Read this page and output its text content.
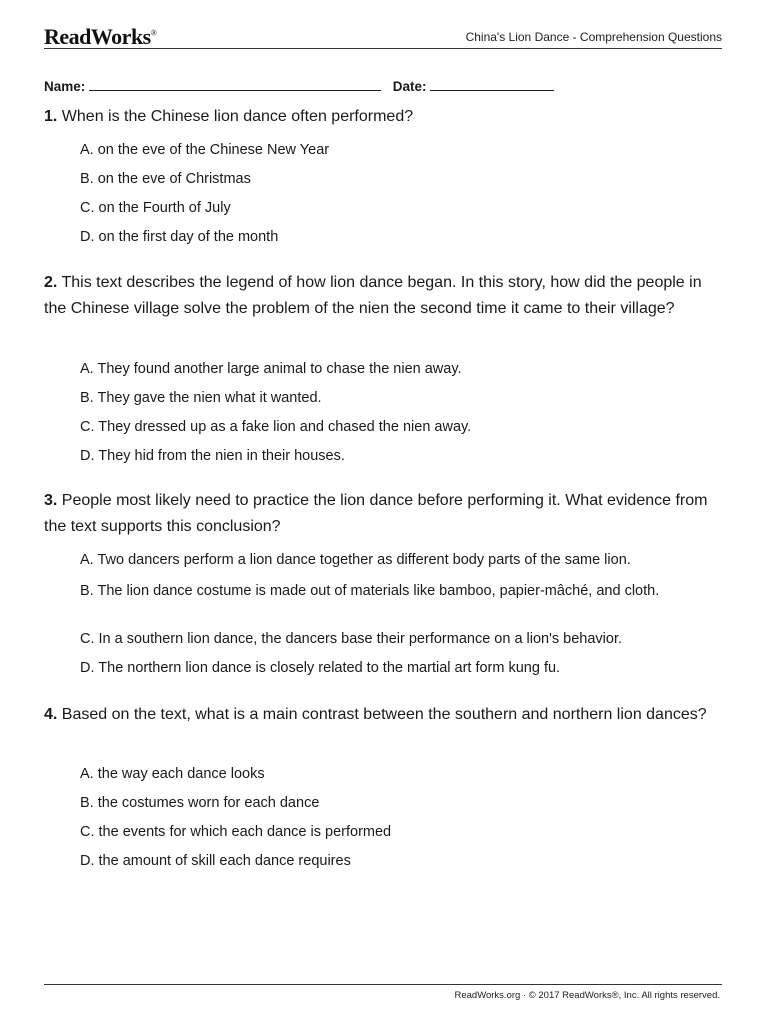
ReadWorks®	China's Lion Dance - Comprehension Questions
Name:	Date:
1. When is the Chinese lion dance often performed?
A. on the eve of the Chinese New Year
B. on the eve of Christmas
C. on the Fourth of July
D. on the first day of the month
2. This text describes the legend of how lion dance began. In this story, how did the people in the Chinese village solve the problem of the nien the second time it came to their village?
A. They found another large animal to chase the nien away.
B. They gave the nien what it wanted.
C. They dressed up as a fake lion and chased the nien away.
D. They hid from the nien in their houses.
3. People most likely need to practice the lion dance before performing it. What evidence from the text supports this conclusion?
A. Two dancers perform a lion dance together as different body parts of the same lion.
B. The lion dance costume is made out of materials like bamboo, papier-mâché, and cloth.
C. In a southern lion dance, the dancers base their performance on a lion's behavior.
D. The northern lion dance is closely related to the martial art form kung fu.
4. Based on the text, what is a main contrast between the southern and northern lion dances?
A. the way each dance looks
B. the costumes worn for each dance
C. the events for which each dance is performed
D. the amount of skill each dance requires
ReadWorks.org · © 2017 ReadWorks®, Inc. All rights reserved.
